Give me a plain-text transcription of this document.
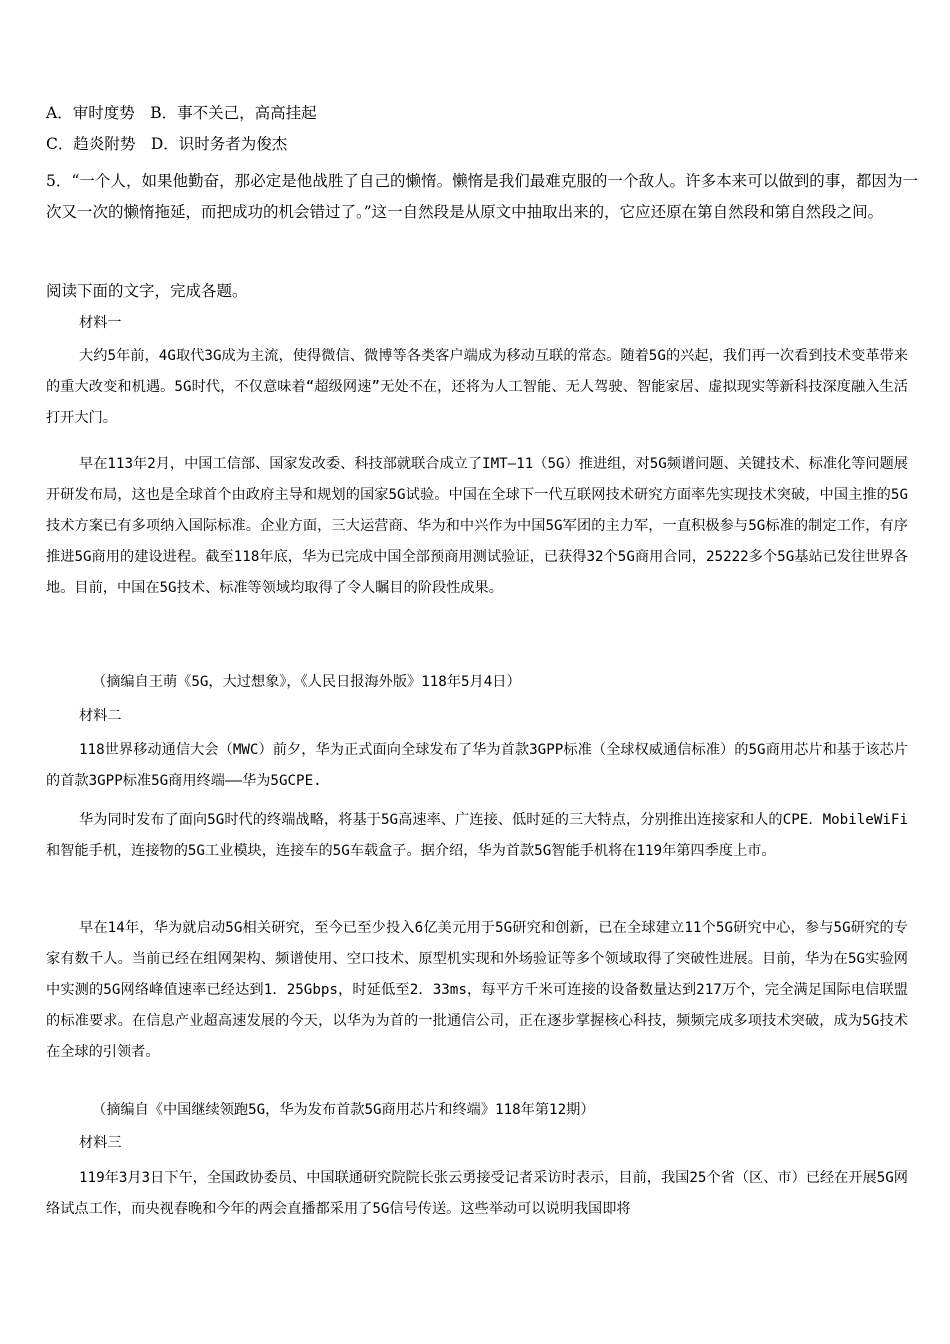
A．审时度势　B．事不关己，高高挂起
C．趋炎附势　D．识时务者为俊杰
5．“一个人，如果他勤奋，那必定是他战胜了自己的懒惰。懒惰是我们最难克服的一个敌人。许多本来可以做到的事，都因为一次又一次的懒惰拖延，而把成功的机会错过了。”这一自然段是从原文中抽取出来的，它应还原在第自然段和第自然段之间。
阅读下面的文字，完成各题。
材料一
大约5年前，4G取代3G成为主流，使得微信、微博等各类客户端成为移动互联的常态。随着5G的兴起，我们再一次看到技术变革带来的重大改变和机遇。5G时代，不仅意味着“超级网速”无处不在，还将为人工智能、无人驾驶、智能家居、虚拟现实等新科技深度融入生活打开大门。
早在113年2月，中国工信部、国家发改委、科技部就联合成立了IMT—11（5G）推进组，对5G频谱问题、关键技术、标准化等问题展开研发布局，这也是全球首个由政府主导和规划的国家5G试验。中国在全球下一代互联网技术研究方面率先实现技术突破，中国主推的5G技术方案已有多项纳入国际标准。企业方面，三大运营商、华为和中兴作为中国5G军团的主力军，一直积极参与5G标准的制定工作，有序推进5G商用的建设进程。截至118年底，华为已完成中国全部预商用测试验证，已获得32个5G商用合同，25222多个5G基站已发往世界各地。目前，中国在5G技术、标准等领域均取得了令人瞩目的阶段性成果。
（摘编自王萌《5G，大过想象》，《人民日报海外版》118年5月4日）
材料二
118世界移动通信大会（MWC）前夕，华为正式面向全球发布了华为首款3GPP标准（全球权威通信标准）的5G商用芯片和基于该芯片的首款3GPP标准5G商用终端——华为5GCPE.
华为同时发布了面向5G时代的终端战略，将基于5G高速率、广连接、低时延的三大特点，分别推出连接家和人的CPE．MobileWiFi和智能手机，连接物的5G工业模块，连接车的5G车载盒子。据介绍，华为首款5G智能手机将在119年第四季度上市。
早在14年，华为就启动5G相关研究，至今已至少投入6亿美元用于5G研究和创新，已在全球建立11个5G研究中心，参与5G研究的专家有数千人。当前已经在组网架构、频谱使用、空口技术、原型机实现和外场验证等多个领域取得了突破性进展。目前，华为在5G实验网中实测的5G网络峰值速率已经达到1．25Gbps，时延低至2．33ms，每平方千米可连接的设备数量达到217万个，完全满足国际电信联盟的标准要求。在信息产业超高速发展的今天，以华为为首的一批通信公司，正在逐步掌握核心科技，频频完成多项技术突破，成为5G技术在全球的引领者。
（摘编自《中国继续领跑5G，华为发布首款5G商用芯片和终端》118年第12期）
材料三
119年3月3日下午，全国政协委员、中国联通研究院院长张云勇接受记者采访时表示，目前，我国25个省（区、市）已经在开展5G网络试点工作，而央视春晚和今年的两会直播都采用了5G信号传送。这些举动可以说明我国即将
